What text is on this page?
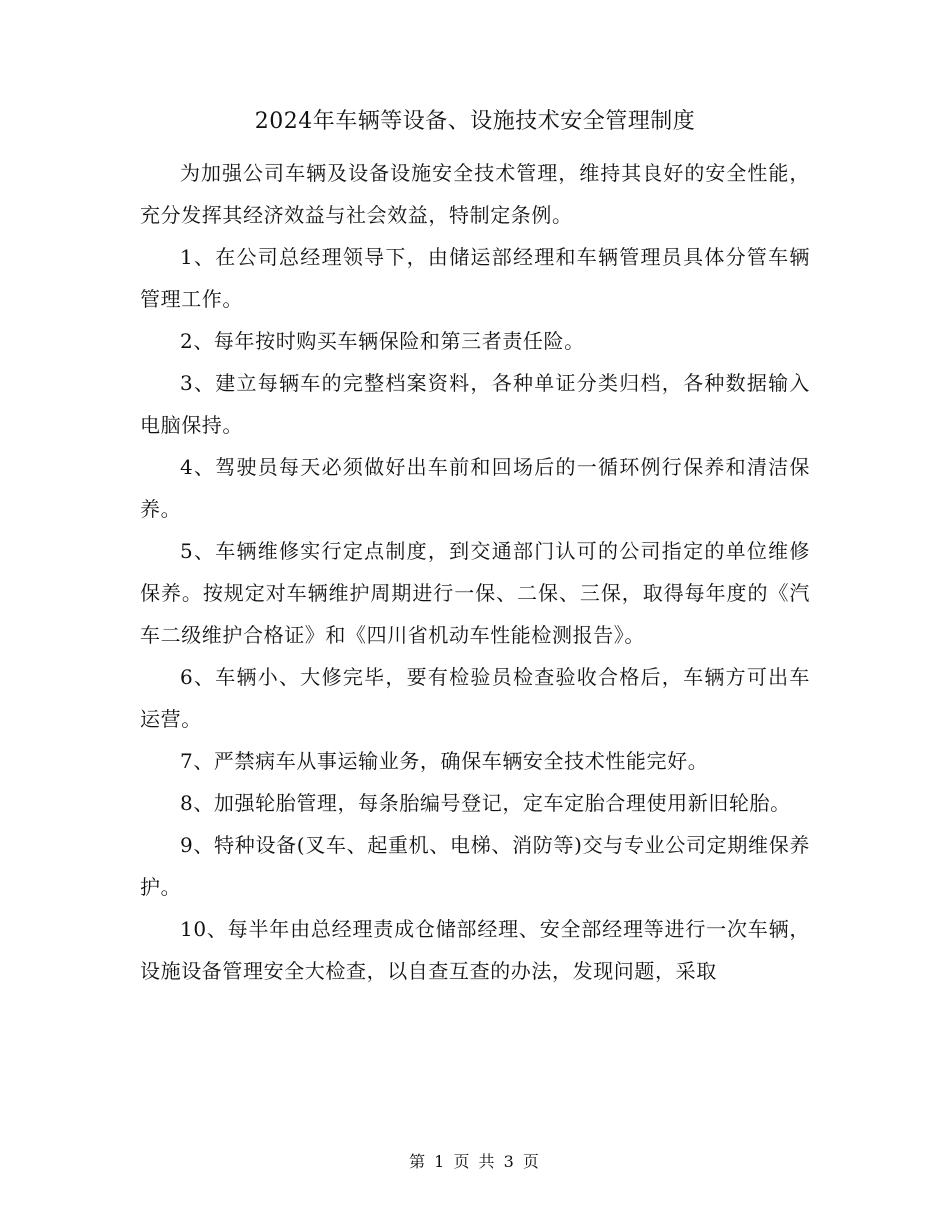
2024年车辆等设备、设施技术安全管理制度

为加强公司车辆及设备设施安全技术管理，维持其良好的安全性能，充分发挥其经济效益与社会效益，特制定条例。

1、在公司总经理领导下，由储运部经理和车辆管理员具体分管车辆管理工作。

2、每年按时购买车辆保险和第三者责任险。

3、建立每辆车的完整档案资料，各种单证分类归档，各种数据输入电脑保持。

4、驾驶员每天必须做好出车前和回场后的一循环例行保养和清洁保养。

5、车辆维修实行定点制度，到交通部门认可的公司指定的单位维修保养。按规定对车辆维护周期进行一保、二保、三保，取得每年度的《汽车二级维护合格证》和《四川省机动车性能检测报告》。

6、车辆小、大修完毕，要有检验员检查验收合格后，车辆方可出车运营。

7、严禁病车从事运输业务，确保车辆安全技术性能完好。

8、加强轮胎管理，每条胎编号登记，定车定胎合理使用新旧轮胎。

9、特种设备(叉车、起重机、电梯、消防等)交与专业公司定期维保养护。

10、每半年由总经理责成仓储部经理、安全部经理等进行一次车辆，设施设备管理安全大检查，以自查互查的办法，发现问题，采取

第 1 页 共 3 页
